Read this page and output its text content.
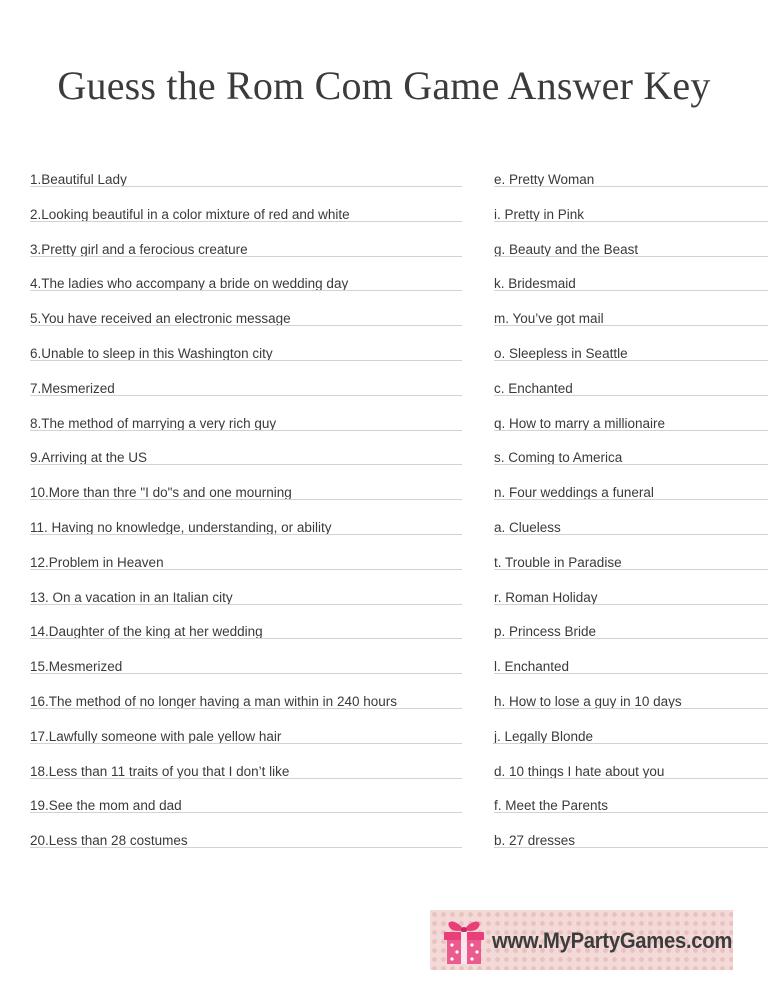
Guess the Rom Com Game Answer Key
1.Beautiful Lady	e. Pretty Woman
2.Looking beautiful in a color mixture of red and white	i. Pretty in Pink
3.Pretty girl and a ferocious creature	g. Beauty and the Beast
4.The ladies who accompany a bride on wedding day	k. Bridesmaid
5.You have received an electronic message	m. You’ve got mail
6.Unable to sleep in this Washington city	o. Sleepless in Seattle
7.Mesmerized	c. Enchanted
8.The method of marrying a very rich guy	q. How to marry a millionaire
9.Arriving at the US	s. Coming to America
10.More than thre "I do"s and one mourning	n. Four weddings a funeral
11. Having no knowledge, understanding, or ability	a. Clueless
12.Problem in Heaven	t. Trouble in Paradise
13. On a vacation in an Italian city	r. Roman Holiday
14.Daughter of the king at her wedding	p. Princess Bride
15.Mesmerized	l. Enchanted
16.The method of no longer having a man within in 240 hours	h. How to lose a guy in 10 days
17.Lawfully someone with pale yellow hair	j. Legally Blonde
18.Less than 11 traits of you that I don’t like	d. 10 things I hate about you
19.See the mom and dad	f. Meet the Parents
20.Less than 28 costumes	b. 27 dresses
www.MyPartyGames.com
